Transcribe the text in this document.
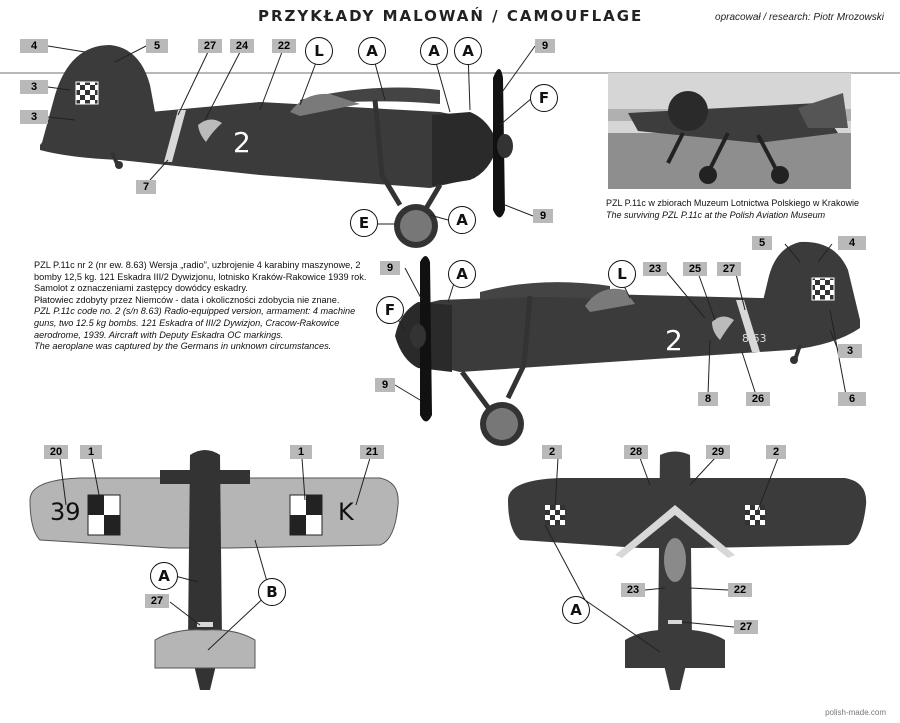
PRZYKŁADY MALOWAŃ / CAMOUFLAGE	opracował / research: Piotr Mrozowski
2
2	8.63
39	K
PZL P.11c w zbiorach Muzeum Lotnictwa Polskiego w Krakowie
The surviving PZL P.11c at the Polish Aviation Museum

PZL P.11c nr 2 (nr ew. 8.63) Wersja „radio”, uzbrojenie 4 karabiny maszynowe, 2 bomby 12,5 kg. 121 Eskadra III/2 Dywizjonu, lotnisko Kraków-Rakowice 1939 rok. Samolot z oznaczeniami zastępcy dowódcy eskadry.

Płatowiec zdobyty przez Niemców - data i okoliczności zdobycia nie znane.

PZL P.11c code no. 2 (s/n 8.63) Radio-equipped version, armament: 4 machine guns, two 12.5 kg bombs. 121 Eskadra of III/2 Dywizjon, Cracow-Rakowice aerodrome, 1939. Aircraft with Deputy Eskadra OC markings.

The aeroplane was captured by the Germans in unknown circumstances.

4	5	27	24	22	L	A	A	A	9
3
3
F
7
E	A	9
9	A	L	23	25	27
5	4
F
3
6
9
8	26
20	1	1	21
A
B
27
2	28	29	2
23	22
A
27
polish-made.com
